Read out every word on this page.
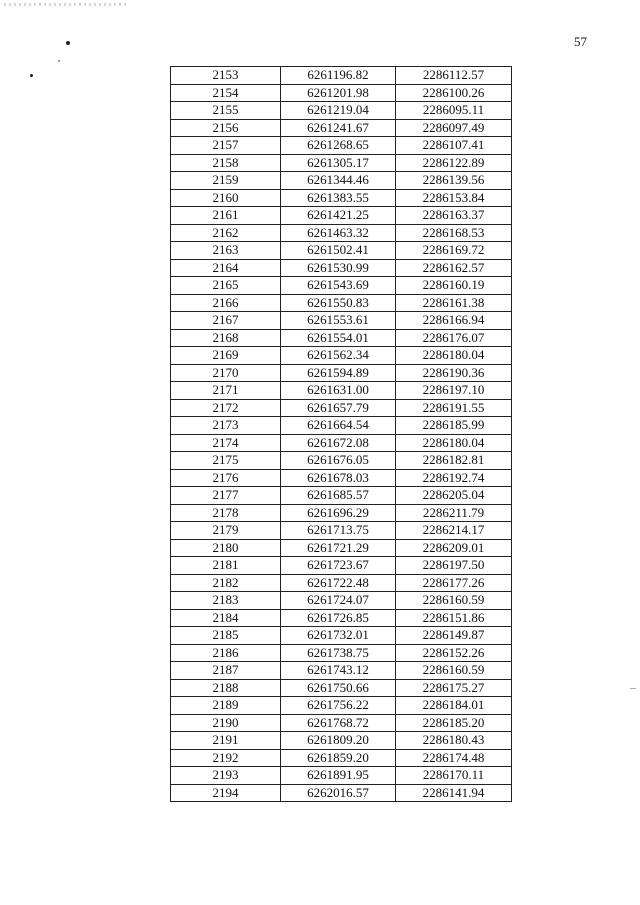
57
2153	6261196.82	2286112.57
2154	6261201.98	2286100.26
2155	6261219.04	2286095.11
2156	6261241.67	2286097.49
2157	6261268.65	2286107.41
2158	6261305.17	2286122.89
2159	6261344.46	2286139.56
2160	6261383.55	2286153.84
2161	6261421.25	2286163.37
2162	6261463.32	2286168.53
2163	6261502.41	2286169.72
2164	6261530.99	2286162.57
2165	6261543.69	2286160.19
2166	6261550.83	2286161.38
2167	6261553.61	2286166.94
2168	6261554.01	2286176.07
2169	6261562.34	2286180.04
2170	6261594.89	2286190.36
2171	6261631.00	2286197.10
2172	6261657.79	2286191.55
2173	6261664.54	2286185.99
2174	6261672.08	2286180.04
2175	6261676.05	2286182.81
2176	6261678.03	2286192.74
2177	6261685.57	2286205.04
2178	6261696.29	2286211.79
2179	6261713.75	2286214.17
2180	6261721.29	2286209.01
2181	6261723.67	2286197.50
2182	6261722.48	2286177.26
2183	6261724.07	2286160.59
2184	6261726.85	2286151.86
2185	6261732.01	2286149.87
2186	6261738.75	2286152.26
2187	6261743.12	2286160.59
2188	6261750.66	2286175.27
2189	6261756.22	2286184.01
2190	6261768.72	2286185.20
2191	6261809.20	2286180.43
2192	6261859.20	2286174.48
2193	6261891.95	2286170.11
2194	6262016.57	2286141.94
